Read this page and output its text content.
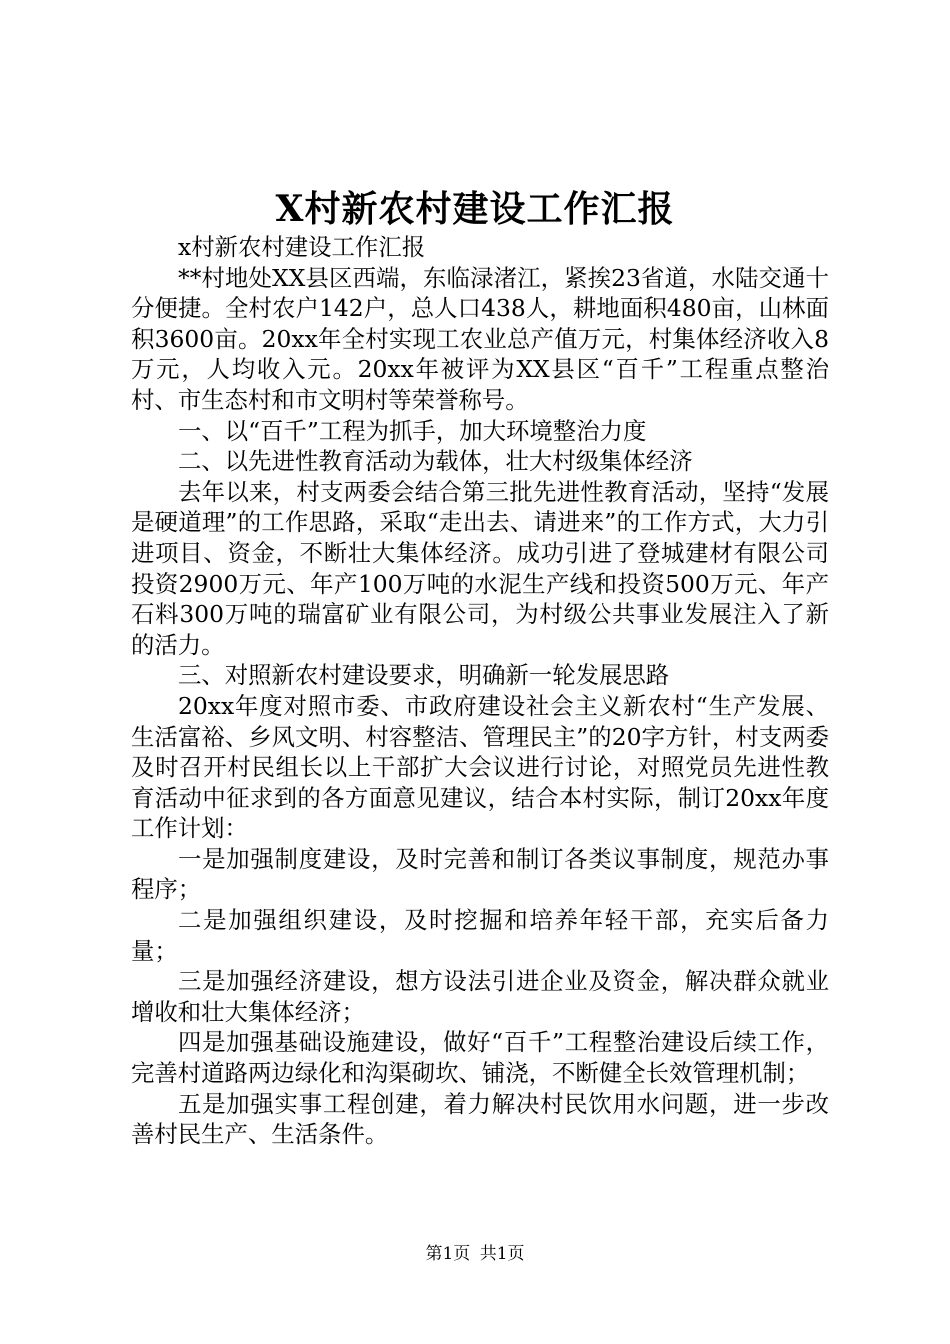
X村新农村建设工作汇报

x村新农村建设工作汇报

**村地处XX县区西端，东临渌渚江，紧挨23省道，水陆交通十分便捷。全村农户142户，总人口438人，耕地面积480亩，山林面积3600亩。20xx年全村实现工农业总产值万元，村集体经济收入8万元，人均收入元。20xx年被评为XX县区“百千”工程重点整治村、市生态村和市文明村等荣誉称号。

一、以“百千”工程为抓手，加大环境整治力度

二、以先进性教育活动为载体，壮大村级集体经济

去年以来，村支两委会结合第三批先进性教育活动，坚持“发展是硬道理”的工作思路，采取“走出去、请进来”的工作方式，大力引进项目、资金，不断壮大集体经济。成功引进了登城建材有限公司投资2900万元、年产100万吨的水泥生产线和投资500万元、年产石料300万吨的瑞富矿业有限公司，为村级公共事业发展注入了新的活力。

三、对照新农村建设要求，明确新一轮发展思路

20xx年度对照市委、市政府建设社会主义新农村“生产发展、生活富裕、乡风文明、村容整洁、管理民主”的20字方针，村支两委及时召开村民组长以上干部扩大会议进行讨论，对照党员先进性教育活动中征求到的各方面意见建议，结合本村实际，制订20xx年度工作计划：

一是加强制度建设，及时完善和制订各类议事制度，规范办事程序；

二是加强组织建设，及时挖掘和培养年轻干部，充实后备力量；

三是加强经济建设，想方设法引进企业及资金，解决群众就业增收和壮大集体经济；

四是加强基础设施建设，做好“百千”工程整治建设后续工作，完善村道路两边绿化和沟渠砌坎、铺浇，不断健全长效管理机制；

五是加强实事工程创建，着力解决村民饮用水问题，进一步改善村民生产、生活条件。

第1页 共1页
